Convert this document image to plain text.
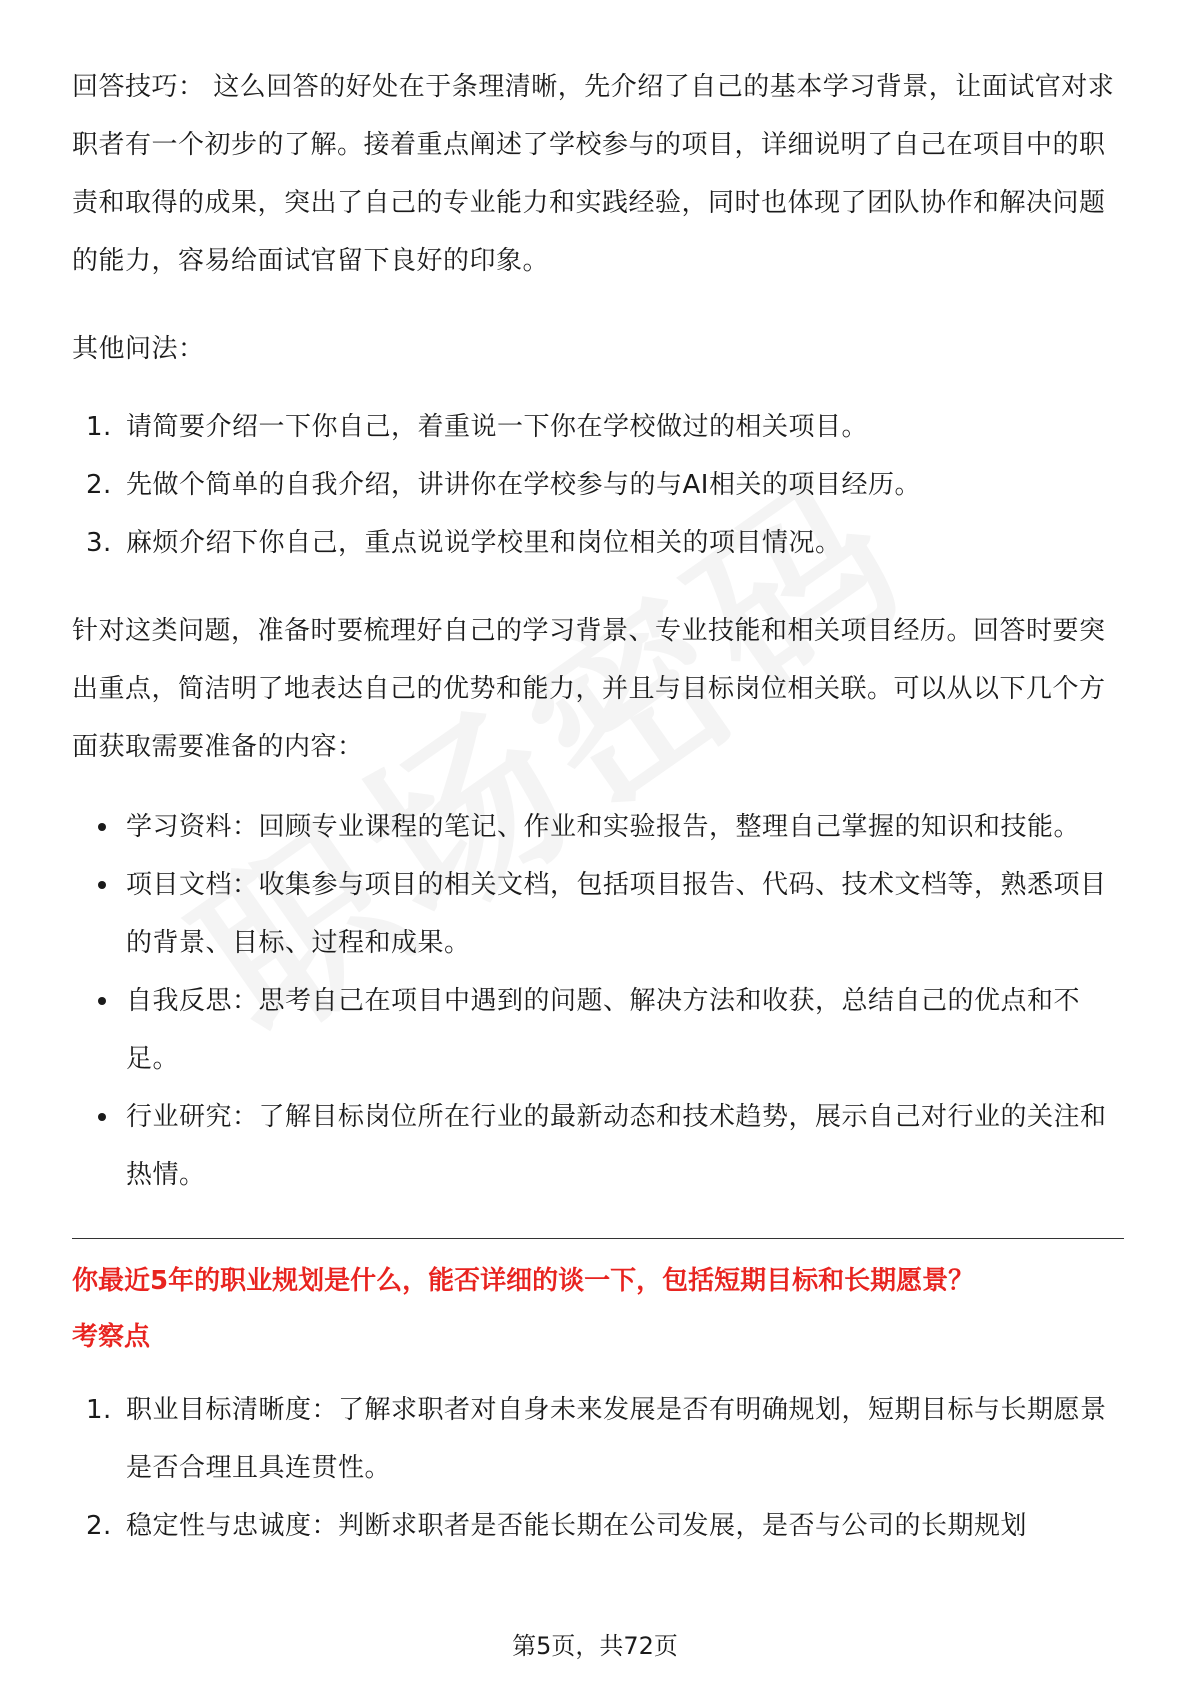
回答技巧： 这么回答的好处在于条理清晰，先介绍了自己的基本学习背景，让面试官对求职者有一个初步的了解。接着重点阐述了学校参与的项目，详细说明了自己在项目中的职责和取得的成果，突出了自己的专业能力和实践经验，同时也体现了团队协作和解决问题的能力，容易给面试官留下良好的印象。

其他问法：

1. 请简要介绍一下你自己，着重说一下你在学校做过的相关项目。
2. 先做个简单的自我介绍，讲讲你在学校参与的与AI相关的项目经历。
3. 麻烦介绍下你自己，重点说说学校里和岗位相关的项目情况。

针对这类问题，准备时要梳理好自己的学习背景、专业技能和相关项目经历。回答时要突出重点，简洁明了地表达自己的优势和能力，并且与目标岗位相关联。可以从以下几个方面获取需要准备的内容：

学习资料：回顾专业课程的笔记、作业和实验报告，整理自己掌握的知识和技能。
项目文档：收集参与项目的相关文档，包括项目报告、代码、技术文档等，熟悉项目的背景、目标、过程和成果。
自我反思：思考自己在项目中遇到的问题、解决方法和收获，总结自己的优点和不足。
行业研究：了解目标岗位所在行业的最新动态和技术趋势，展示自己对行业的关注和热情。

你最近5年的职业规划是什么，能否详细的谈一下，包括短期目标和长期愿景？

考察点

1. 职业目标清晰度：了解求职者对自身未来发展是否有明确规划，短期目标与长期愿景是否合理且具连贯性。
2. 稳定性与忠诚度：判断求职者是否能长期在公司发展，是否与公司的长期规划
第5页，共72页
